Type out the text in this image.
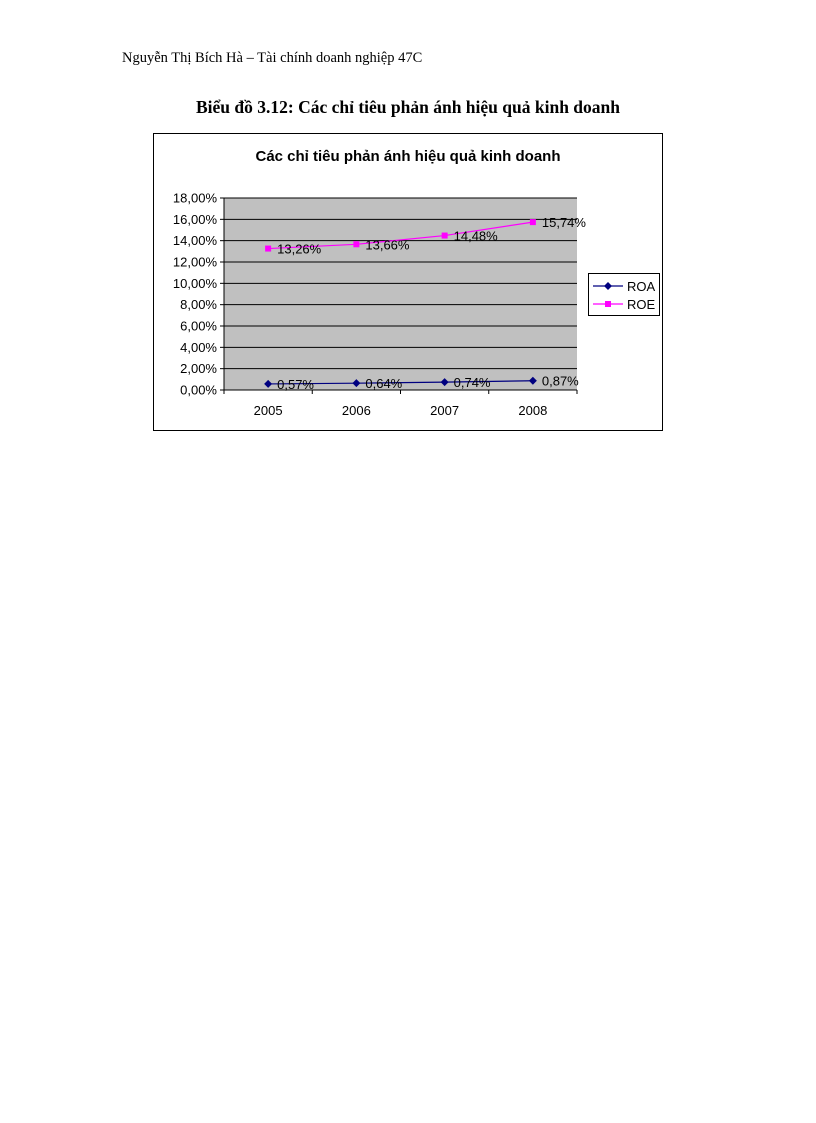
Nguyễn Thị Bích Hà – Tài chính doanh nghiệp 47C
Biểu đồ 3.12: Các chỉ tiêu phản ánh hiệu quả kinh doanh
Các chỉ tiêu phản ánh hiệu quả kinh doanh
0,00%
2,00%
4,00%
6,00%
8,00%
10,00%
12,00%
14,00%
16,00%
18,00%
2005	2006	2007	2008
0,57%	0,64%	0,74%	0,87%
13,26%	13,66%
14,48%
15,74%
ROA
ROE
